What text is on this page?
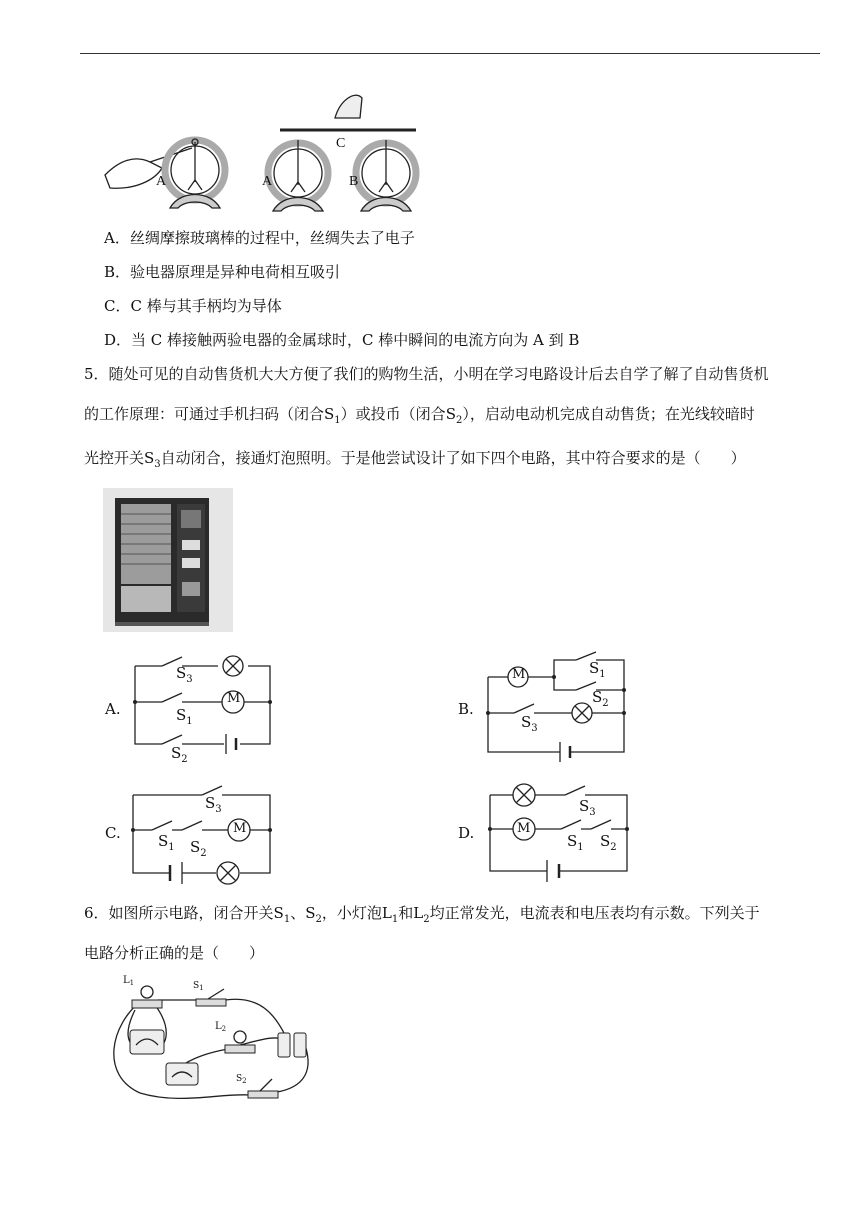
A
C
A	B
A．丝绸摩擦玻璃棒的过程中，丝绸失去了电子
B．验电器原理是异种电荷相互吸引
C．C 棒与其手柄均为导体
D．当 C 棒接触两验电器的金属球时，C 棒中瞬间的电流方向为 A 到 B
5．随处可见的自动售货机大大方便了我们的购物生活，小明在学习电路设计后去自学了解了自动售货机
的工作原理：可通过手机扫码（闭合$S_1$）或投币（闭合$S_2$），启动电动机完成自动售货；在光线较暗时
光控开关$S_3$自动闭合，接通灯泡照明。于是他尝试设计了如下四个电路，其中符合要求的是（　　）
A.
M
$S_3$
$S_1$
$S_2$
B.
M	$S_1$
$S_2$
$S_3$
C.	M
$S_3$
$S_1$ $S_2$
D.	M
$S_3$
$S_1$ $S_2$
6．如图所示电路，闭合开关$S_1$、$S_2$，小灯泡$L_1$和$L_2$均正常发光，电流表和电压表均有示数。下列关于
电路分析正确的是（　　）
$L_1$	$S_1$
$L_2$
$S_2$
